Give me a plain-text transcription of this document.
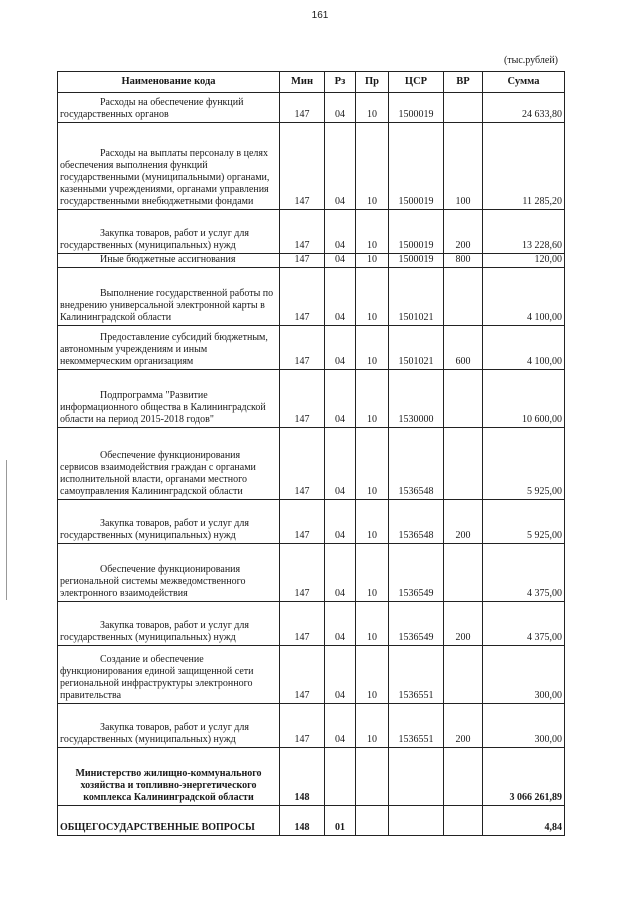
161
(тыс.рублей)
Наименование кода	Мин	Рз	Пр	ЦСР	ВР	Сумма
Расходы на обеспечение функций государственных органов	147	04	10	1500019		24 633,80
Расходы на выплаты персоналу в целях обеспечения выполнения функций государственными (муниципальными) органами, казенными учреждениями, органами управления государственными внебюджетными фондами	147	04	10	1500019	100	11 285,20
Закупка товаров, работ и услуг для государственных (муниципальных) нужд	147	04	10	1500019	200	13 228,60
Иные бюджетные ассигнования	147	04	10	1500019	800	120,00
Выполнение государственной работы по внедрению универсальной электронной карты в Калининградской области	147	04	10	1501021		4 100,00
Предоставление субсидий бюджетным, автономным учреждениям и иным некоммерческим организациям	147	04	10	1501021	600	4 100,00
Подпрограмма "Развитие информационного общества в Калининградской области на период 2015-2018 годов"	147	04	10	1530000		10 600,00
Обеспечение функционирования сервисов взаимодействия граждан с органами исполнительной власти, органами местного самоуправления Калининградской области	147	04	10	1536548		5 925,00
Закупка товаров, работ и услуг для государственных (муниципальных) нужд	147	04	10	1536548	200	5 925,00
Обеспечение функционирования региональной системы межведомственного электронного взаимодействия	147	04	10	1536549		4 375,00
Закупка товаров, работ и услуг для государственных (муниципальных) нужд	147	04	10	1536549	200	4 375,00
Создание и обеспечение функционирования единой защищенной сети региональной инфраструктуры электронного правительства	147	04	10	1536551		300,00
Закупка товаров, работ и услуг для государственных (муниципальных) нужд	147	04	10	1536551	200	300,00
Министерство жилищно-коммунального хозяйства и топливно-энергетического комплекса Калининградской области	148					3 066 261,89
ОБЩЕГОСУДАРСТВЕННЫЕ ВОПРОСЫ	148	01				4,84
